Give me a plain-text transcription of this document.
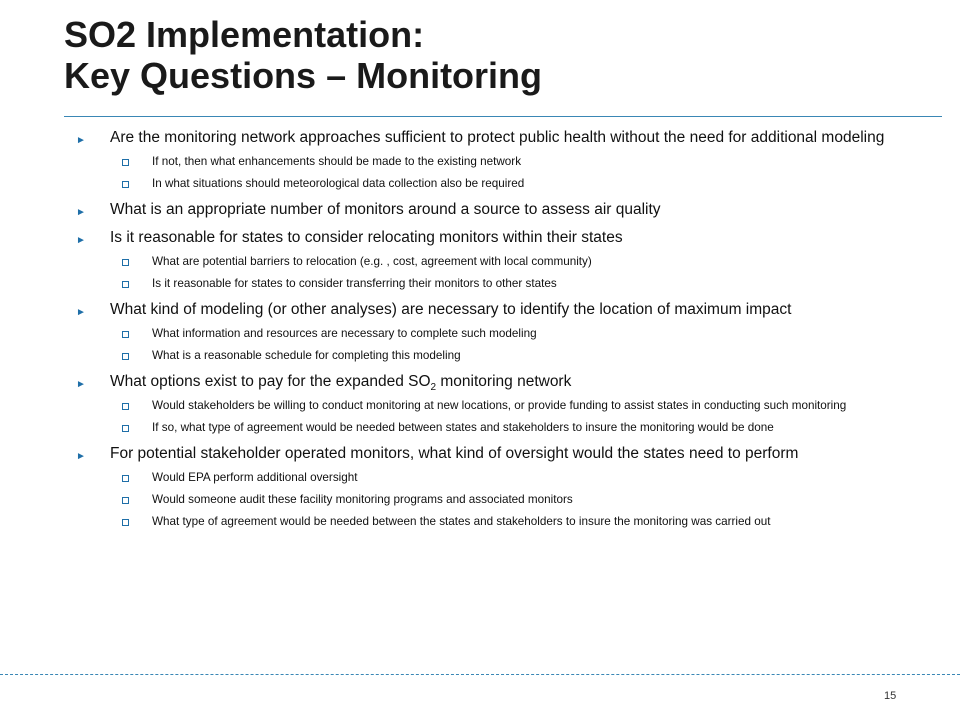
SO2 Implementation:
Key Questions – Monitoring
► Are the monitoring network approaches sufficient to protect public health without the need for additional modeling
If not, then what enhancements should be made to the existing network
In what situations should meteorological data collection also be required
► What is an appropriate number of monitors around a source to assess air quality
► Is it reasonable for states to consider relocating monitors within their states
What are potential barriers to relocation (e.g. , cost, agreement with local community)
Is it reasonable for states to consider transferring their monitors to other states
► What kind of modeling (or other analyses) are necessary to identify the location of maximum impact
What information and resources are necessary to complete such modeling
What is a reasonable schedule for completing this modeling
► What options exist to pay for the expanded $SO_2$ monitoring network
Would stakeholders be willing to conduct monitoring at new locations, or provide funding to assist states in conducting such monitoring
If so, what type of agreement would be needed between states and stakeholders to insure the monitoring would be done
► For potential stakeholder operated monitors, what kind of oversight would the states need to perform
Would EPA perform additional oversight
Would someone audit these facility monitoring programs and associated monitors
What type of agreement would be needed between the states and stakeholders to insure the monitoring was carried out
15
